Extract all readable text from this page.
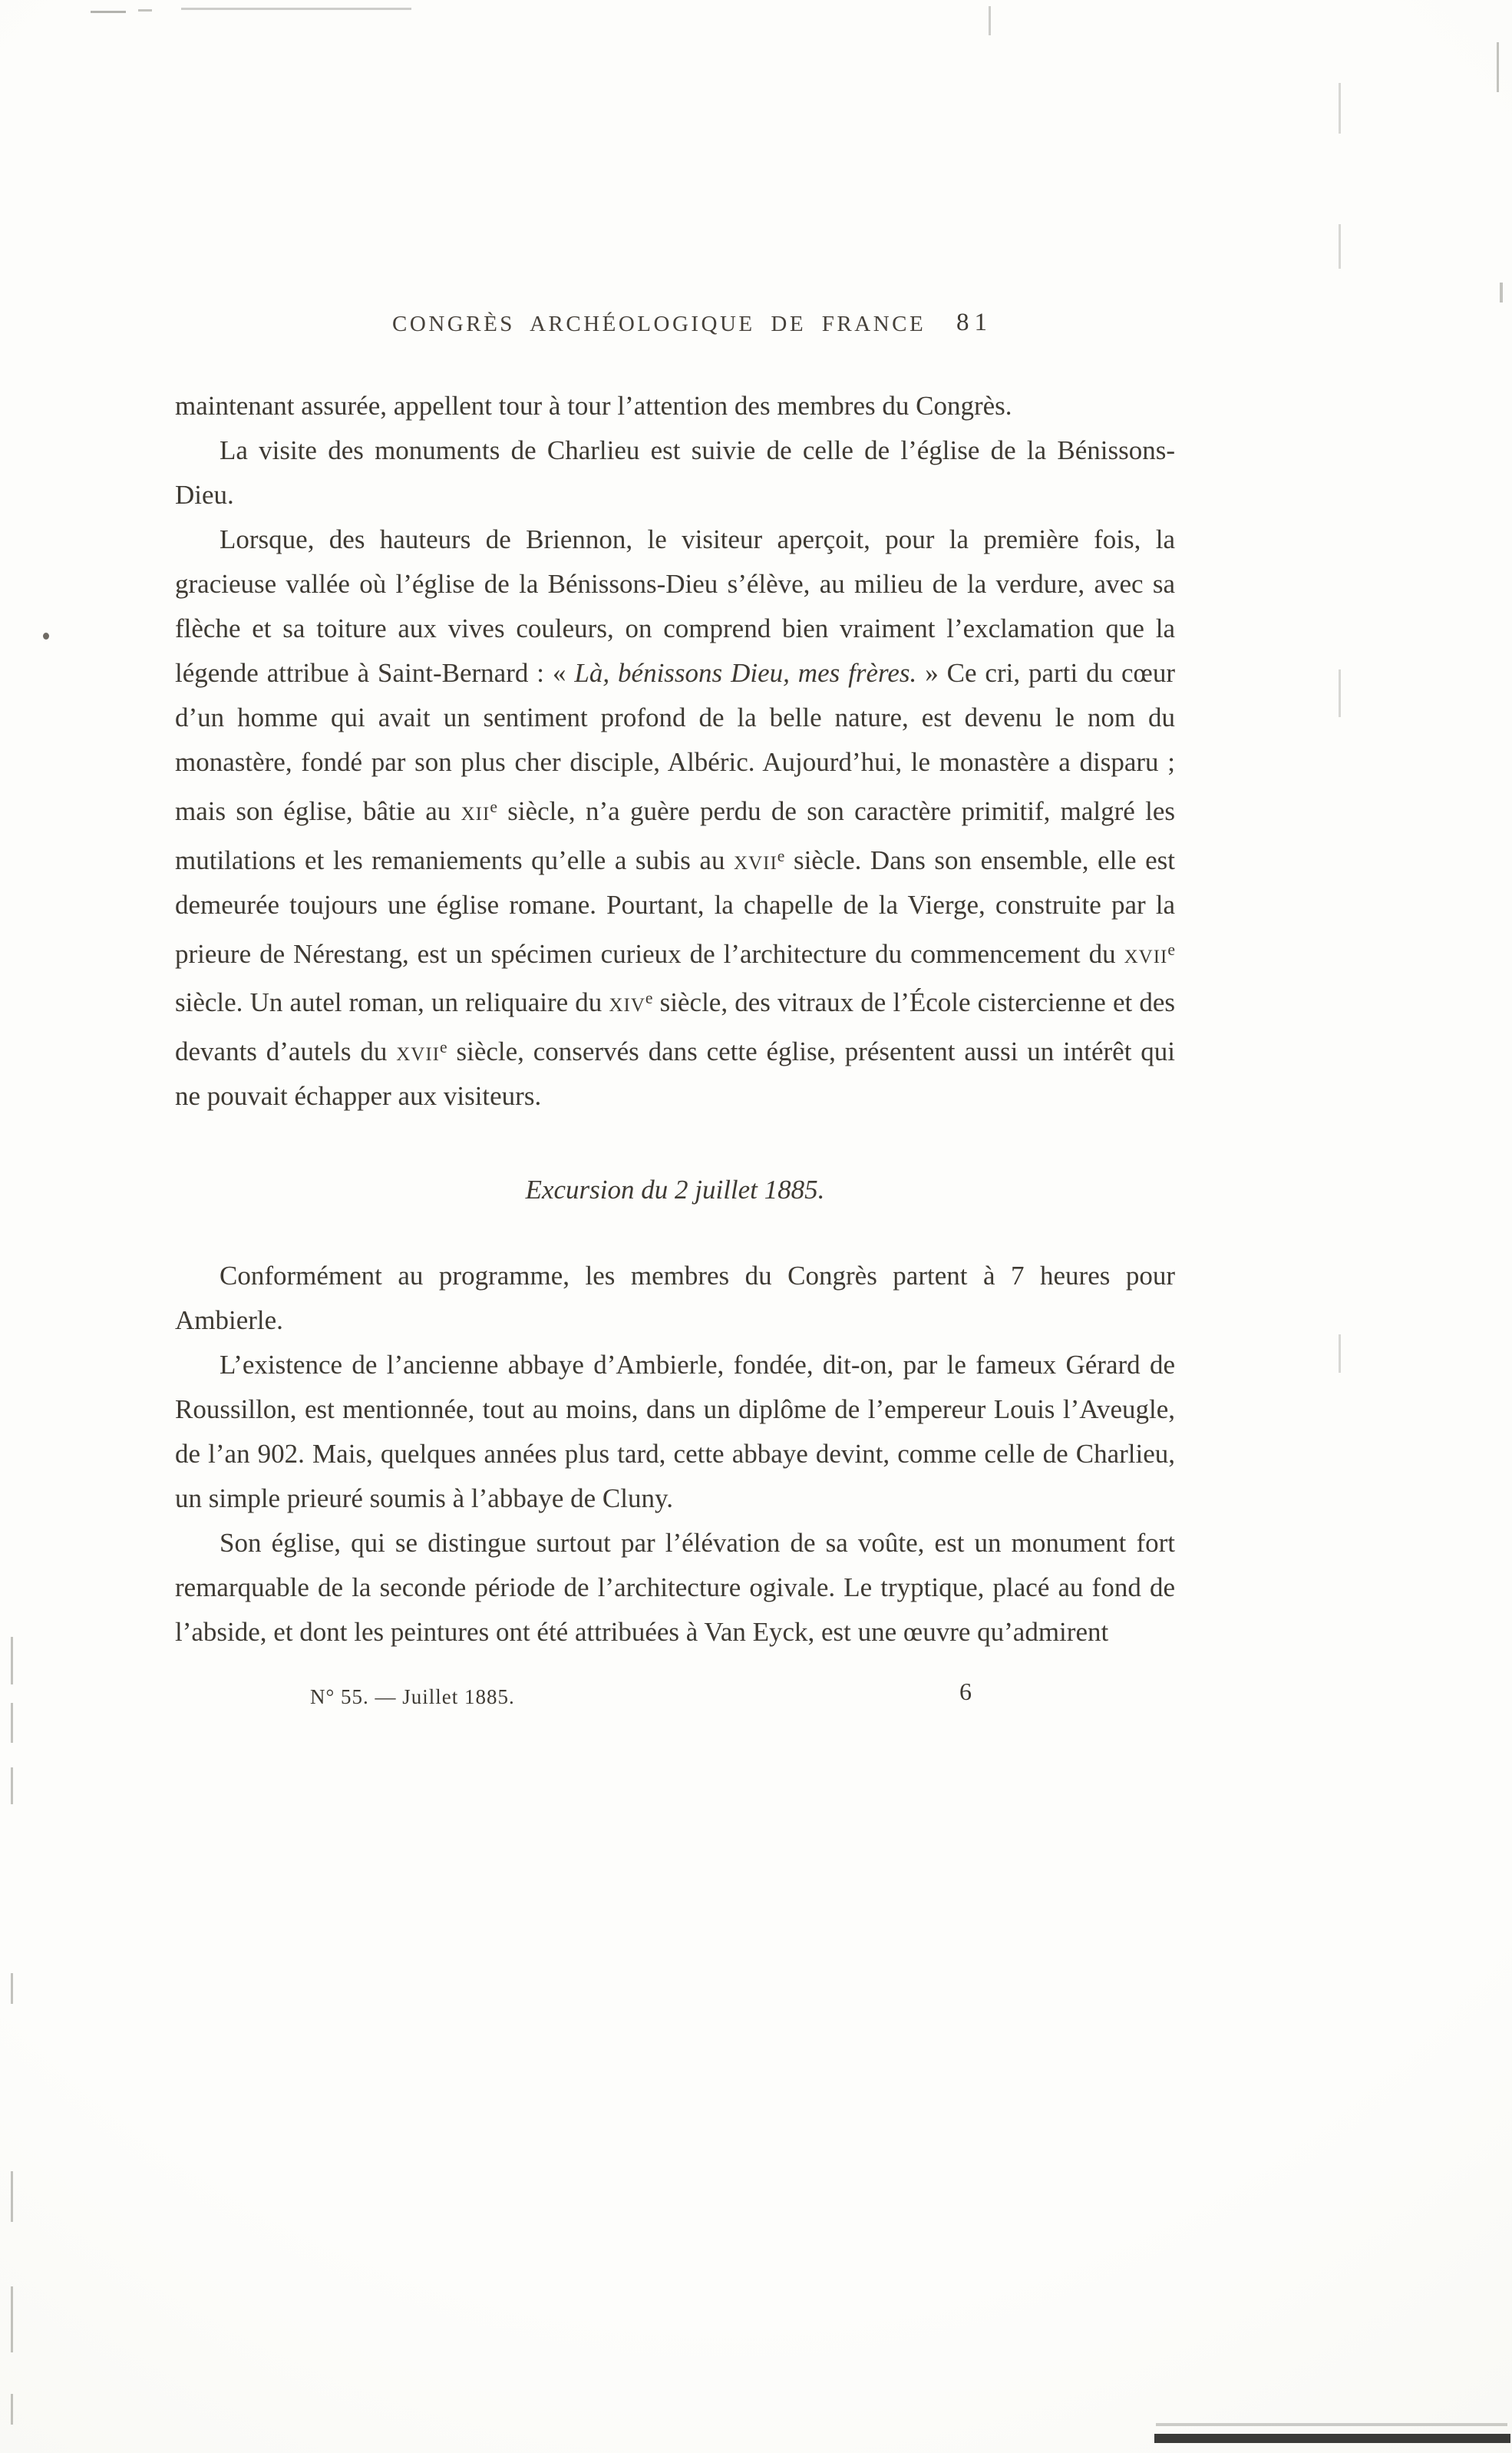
CONGRÈS ARCHÉOLOGIQUE DE FRANCE 81

maintenant assurée, appellent tour à tour l’attention des membres du Congrès.

La visite des monuments de Charlieu est suivie de celle de l’église de la Bénissons-Dieu.

Lorsque, des hauteurs de Briennon, le visiteur aperçoit, pour la première fois, la gracieuse vallée où l’église de la Bénissons-Dieu s’élève, au milieu de la verdure, avec sa flèche et sa toiture aux vives couleurs, on comprend bien vraiment l’exclamation que la légende attribue à Saint-Bernard : « Là, bénissons Dieu, mes frères. » Ce cri, parti du cœur d’un homme qui avait un sentiment profond de la belle nature, est devenu le nom du monastère, fondé par son plus cher disciple, Albéric. Aujourd’hui, le monastère a disparu ; mais son église, bâtie au xii$^e$ siècle, n’a guère perdu de son caractère primitif, malgré les mutilations et les remaniements qu’elle a subis au xvii$^e$ siècle. Dans son ensemble, elle est demeurée toujours une église romane. Pourtant, la chapelle de la Vierge, construite par la prieure de Nérestang, est un spécimen curieux de l’architecture du commencement du xvii$^e$ siècle. Un autel roman, un reliquaire du xiv$^e$ siècle, des vitraux de l’École cistercienne et des devants d’autels du xvii$^e$ siècle, conservés dans cette église, présentent aussi un intérêt qui ne pouvait échapper aux visiteurs.

Excursion du 2 juillet 1885.

Conformément au programme, les membres du Congrès partent à 7 heures pour Ambierle.

L’existence de l’ancienne abbaye d’Ambierle, fondée, dit-on, par le fameux Gérard de Roussillon, est mentionnée, tout au moins, dans un diplôme de l’empereur Louis l’Aveugle, de l’an 902. Mais, quelques années plus tard, cette abbaye devint, comme celle de Charlieu, un simple prieuré soumis à l’abbaye de Cluny.

Son église, qui se distingue surtout par l’élévation de sa voûte, est un monument fort remarquable de la seconde période de l’architecture ogivale. Le tryptique, placé au fond de l’abside, et dont les peintures ont été attribuées à Van Eyck, est une œuvre qu’admirent

N° 55. — Juillet 1885.	6
